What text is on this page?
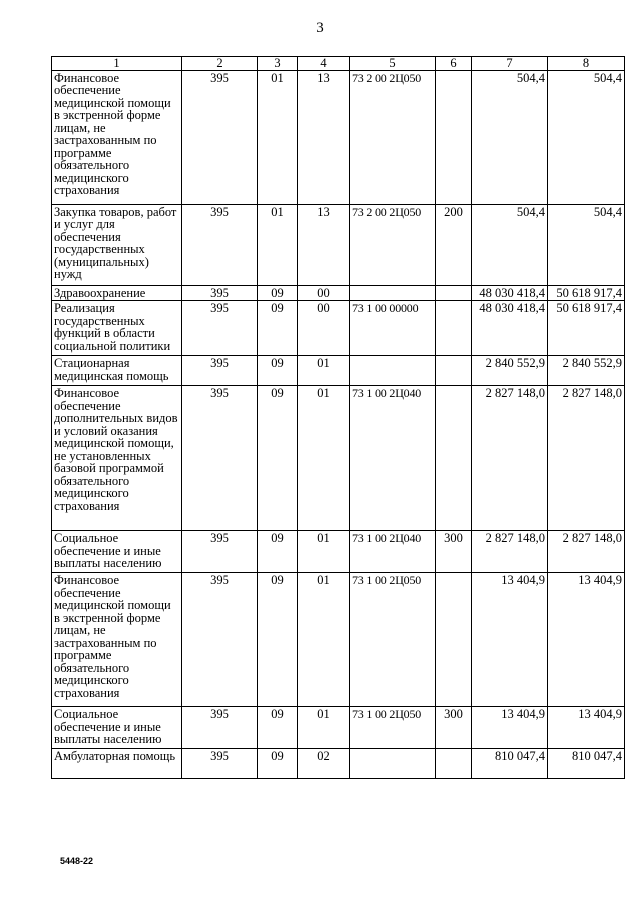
3
1	2	3	4	5	6	7	8
Финансовое обеспечение медицинской помощи в экстренной форме лицам, не застрахованным по программе обязательного медицинского страхования	395	01	13	73 2 00 2Ц050		504,4	504,4
Закупка товаров, работ и услуг для обеспечения государственных (муниципальных) нужд	395	01	13	73 2 00 2Ц050	200	504,4	504,4
Здравоохранение	395	09	00			48 030 418,4	50 618 917,4
Реализация государственных функций в области социальной политики	395	09	00	73 1 00 00000		48 030 418,4	50 618 917,4
Стационарная медицинская помощь	395	09	01			2 840 552,9	2 840 552,9
Финансовое обеспечение дополнительных видов и условий оказания медицинской помощи, не установленных базовой программой обязательного медицинского страхования	395	09	01	73 1 00 2Ц040		2 827 148,0	2 827 148,0
Социальное обеспечение и иные выплаты населению	395	09	01	73 1 00 2Ц040	300	2 827 148,0	2 827 148,0
Финансовое обеспечение медицинской помощи в экстренной форме лицам, не застрахованным по программе обязательного медицинского страхования	395	09	01	73 1 00 2Ц050		13 404,9	13 404,9
Социальное обеспечение и иные выплаты населению	395	09	01	73 1 00 2Ц050	300	13 404,9	13 404,9
Амбулаторная помощь	395	09	02			810 047,4	810 047,4
5448-22
